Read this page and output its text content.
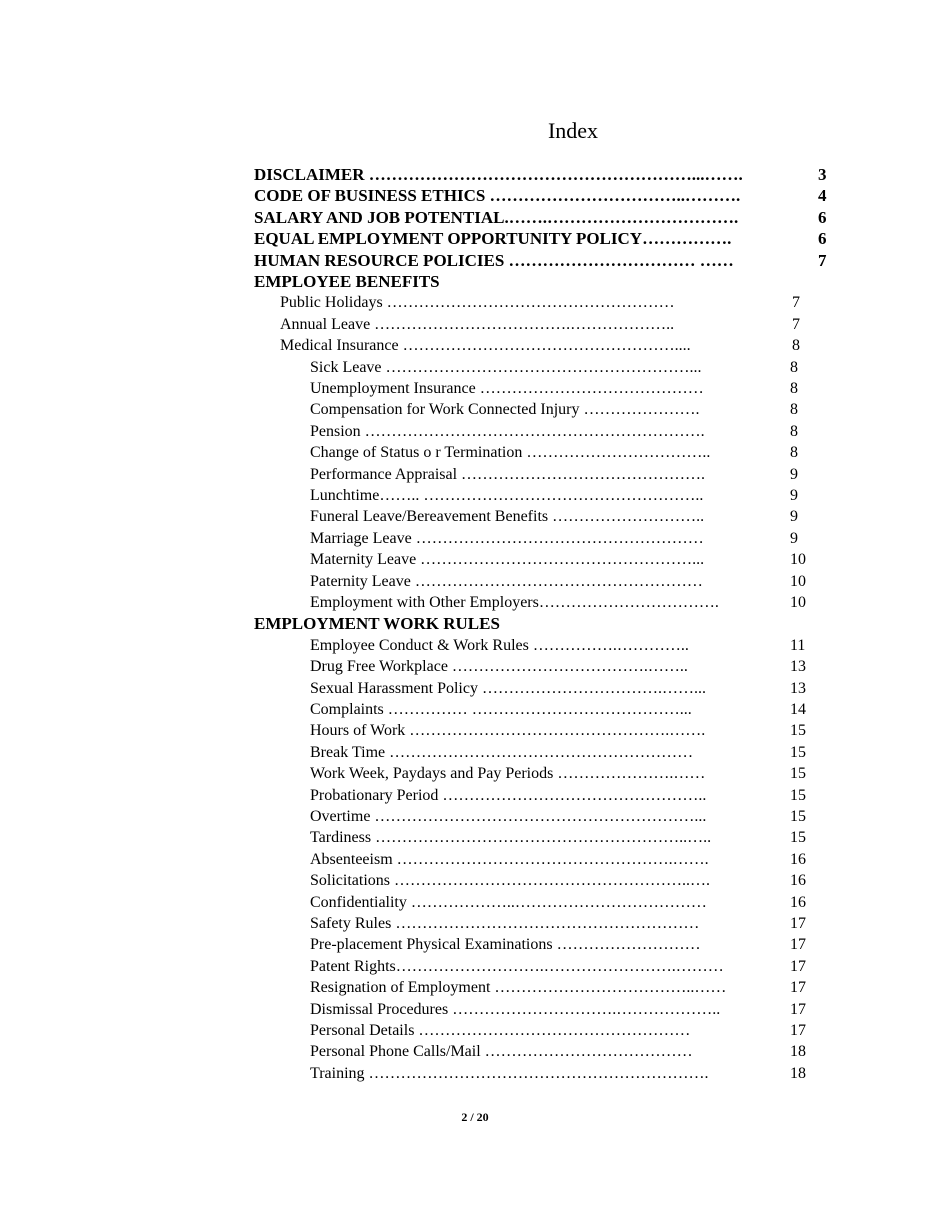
Index
DISCLAIMER …………………………………………………...…….	3
CODE OF BUSINESS ETHICS ……………………………..……….	4
SALARY AND JOB POTENTIAL.…….…………………………….	6
EQUAL EMPLOYMENT OPPORTUNITY POLICY…………….	6
HUMAN RESOURCE POLICIES …………………………… ……	7
EMPLOYEE BENEFITS
Public Holidays ………………………………………………	7
Annual Leave ……………………………….………………..	7
Medical Insurance ……………………………………………....	8
Sick Leave …………………………………………………...	8
Unemployment Insurance ……………………………………	8
Compensation for Work Connected Injury ………………….	8
Pension ……………………………………………………….	8
Change of Status o r Termination ……………………………..	8
Performance Appraisal ……………………………………….	9
Lunchtime…….. ……………………………………………..	9
Funeral Leave/Bereavement Benefits ………………………..	9
Marriage Leave ………………………………………………	9
Maternity Leave ……………………………………………...	10
Paternity Leave ………………………………………………	10
Employment with Other Employers…………………………….	10
EMPLOYMENT WORK RULES
Employee Conduct & Work Rules …………….…………..	11
Drug Free Workplace ……………………………….……..	13
Sexual Harassment Policy …………………………….……...	13
Complaints …………… …………………………………...	14
Hours of Work ………………………………………….…….	15
Break Time …………………………………………………	15
Work Week, Paydays and Pay Periods ………………….……	15
Probationary Period …………………………………………..	15
Overtime ……………………………………………………...	15
Tardiness …………………………………………………..…..	15
Absenteeism …………………………………………….…….	16
Solicitations ………………………………………………..….	16
Confidentiality ………………..………………………………	16
Safety Rules …………………………………………………	17
Pre-placement Physical Examinations ………………………	17
Patent Rights……………………….…………………….………	17
Resignation of Employment ………………………………..……	17
Dismissal Procedures ………………………….………………..	17
Personal Details ……………………………………………	17
Personal Phone Calls/Mail …………………………………	18
Training ……………………………………………………….	18
2 / 20
